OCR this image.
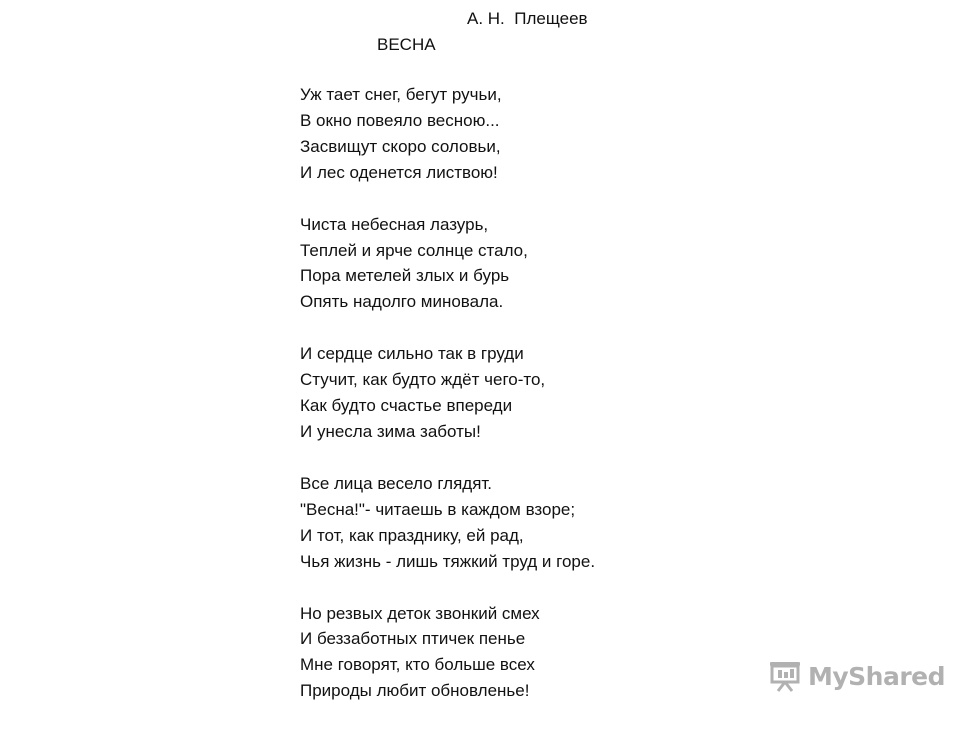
А. Н.  Плещеев
ВЕСНА
Уж тает снег, бегут ручьи,
В окно повеяло весною...
Засвищут скоро соловьи,
И лес оденется листвою!
Чиста небесная лазурь,
Теплей и ярче солнце стало,
Пора метелей злых и бурь
Опять надолго миновала.
И сердце сильно так в груди
Стучит, как будто ждёт чего-то,
Как будто счастье впереди
И унесла зима заботы!
Все лица весело глядят.
"Весна!"- читаешь в каждом взоре;
И тот, как празднику, ей рад,
Чья жизнь - лишь тяжкий труд и горе.
Но резвых деток звонкий смех
И беззаботных птичек пенье
Мне говорят, кто больше всех
Природы любит обновленье!
MyShared
